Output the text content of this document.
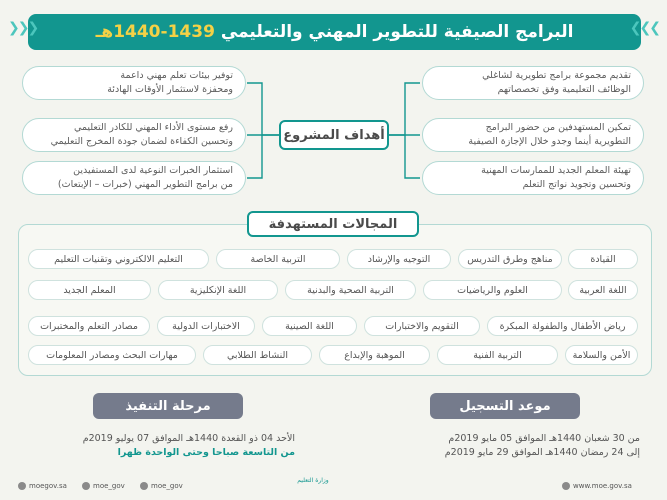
البرامج الصيفية للتطوير المهني والتعليمي 1439-1440هـ
❯❯❯	❮❮❮
تقديم مجموعة برامج تطويرية لشاغلي
الوظائف التعليمية وفق تخصصاتهم
تمكين المستهدفين من حضور البرامج
التطويرية أينما وجدو خلال الإجازة الصيفية
تهيئة المعلم الجديد للممارسات المهنية
وتحسين وتجويد نواتج التعلم
توفير بيئات تعلم مهني داعمة
ومحفزة لاستثمار الأوقات الهادئة
رفع مستوى الأداء المهني للكادر التعليمي
وتحسين الكفاءة لضمان جودة المخرج التعليمي
استثمار الخبرات النوعية لدى المستفيدين
من برامج التطوير المهني (خبرات – الإبتعاث)
أهداف المشروع
المجالات المستهدفة
القيادة
مناهج وطرق التدريس
التوجيه والإرشاد
التربية الخاصة
التعليم الالكتروني وتقنيات التعليم
اللغة العربية
العلوم والرياضيات
التربية الصحية والبدنية
اللغة الإنكليزية
المعلم الجديد
رياض الأطفال والطفولة المبكرة
التقويم والاختبارات
اللغة الصينية
الاختبارات الدولية
مصادر التعلم والمختبرات
الأمن والسلامة
التربية الفنية
الموهبة والإبداع
النشاط الطلابي
مهارات البحث ومصادر المعلومات
موعد التسجيل
مرحلة التنفيذ
من 30 شعبان 1440هـ الموافق 05 مايو 2019م
إلى 24 رمضان 1440هـ الموافق 29 مايو 2019م
الأحد 04 ذو القعدة 1440هـ الموافق 07 يوليو 2019م
من التاسعة صباحا وحتى الواحدة ظهرا
moegov.sa	moe_gov	moe_gov
وزارة التعليم
www.moe.gov.sa
